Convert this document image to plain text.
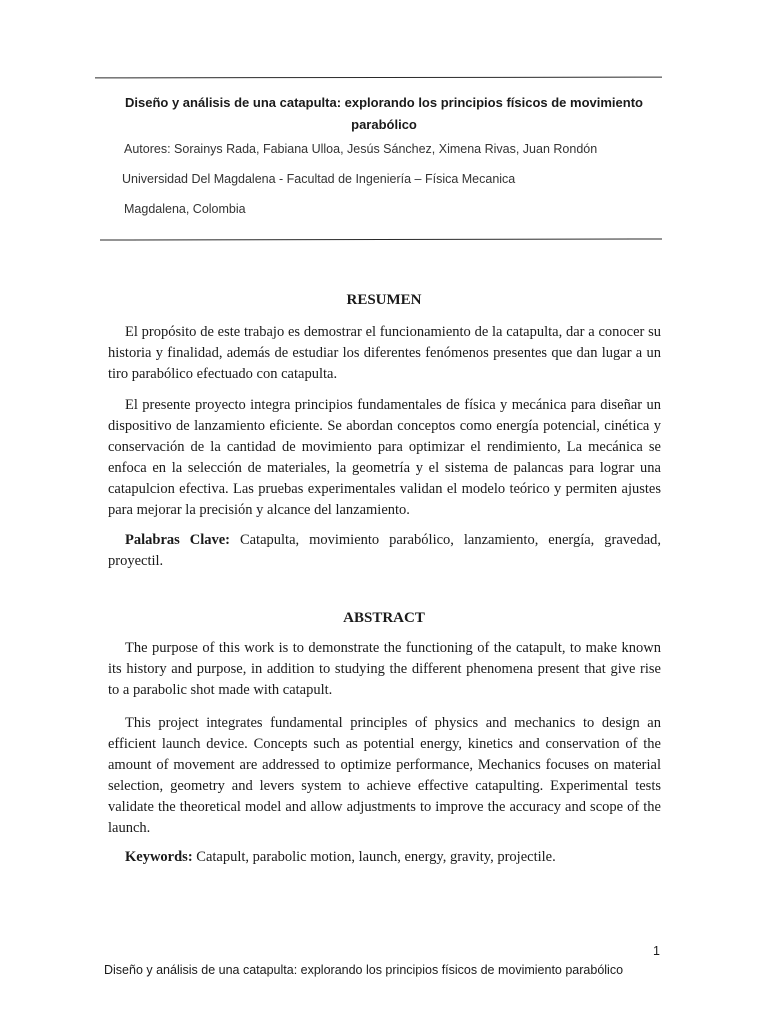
Diseño y análisis de una catapulta: explorando los principios físicos de movimiento parabólico
Autores: Sorainys Rada, Fabiana Ulloa, Jesús Sánchez, Ximena Rivas, Juan Rondón
Universidad Del Magdalena - Facultad de Ingeniería – Física Mecanica
Magdalena, Colombia
RESUMEN

El propósito de este trabajo es demostrar el funcionamiento de la catapulta, dar a conocer su historia y finalidad, además de estudiar los diferentes fenómenos presentes que dan lugar a un tiro parabólico efectuado con catapulta.

El presente proyecto integra principios fundamentales de física y mecánica para diseñar un dispositivo de lanzamiento eficiente. Se abordan conceptos como energía potencial, cinética y conservación de la cantidad de movimiento para optimizar el rendimiento, La mecánica se enfoca en la selección de materiales, la geometría y el sistema de palancas para lograr una catapulcion efectiva. Las pruebas experimentales validan el modelo teórico y permiten ajustes para mejorar la precisión y alcance del lanzamiento.

Palabras Clave: Catapulta, movimiento parabólico, lanzamiento, energía, gravedad, proyectil.

ABSTRACT

The purpose of this work is to demonstrate the functioning of the catapult, to make known its history and purpose, in addition to studying the different phenomena present that give rise to a parabolic shot made with catapult.

This project integrates fundamental principles of physics and mechanics to design an efficient launch device. Concepts such as potential energy, kinetics and conservation of the amount of movement are addressed to optimize performance, Mechanics focuses on material selection, geometry and levers system to achieve effective catapulting. Experimental tests validate the theoretical model and allow adjustments to improve the accuracy and scope of the launch.

Keywords: Catapult, parabolic motion, launch, energy, gravity, projectile.

1
Diseño y análisis de una catapulta: explorando los principios físicos de movimiento parabólico
